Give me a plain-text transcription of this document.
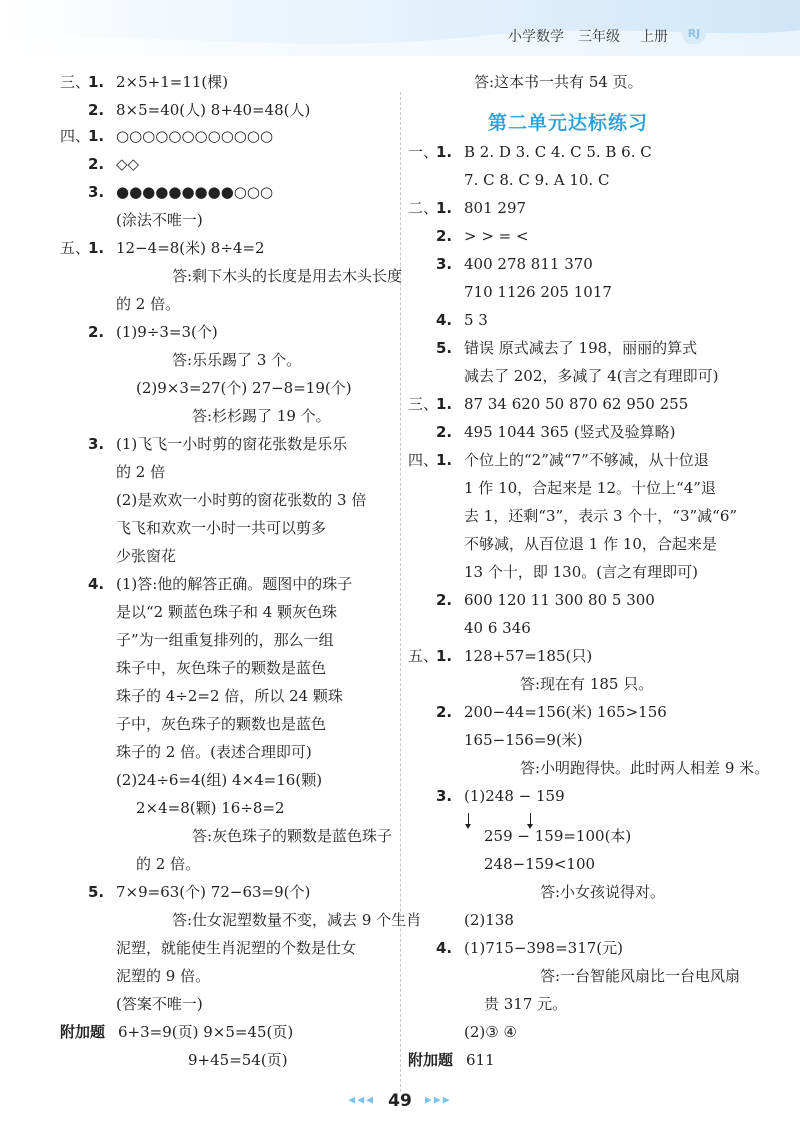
小学数学 三年级 上册	RJ
三、1. 2×5+1=11(棵)
2. 8×5=40(人) 8+40=48(人)
四、1. ○○○○○○○○○○○○
2. ◇◇
3. ●●●●●●●●●○○○
(涂法不唯一)
五、1. 12−4=8(米) 8÷4=2
答:剩下木头的长度是用去木头长度
的 2 倍。
2. (1)9÷3=3(个)
答:乐乐踢了 3 个。
(2)9×3=27(个) 27−8=19(个)
答:杉杉踢了 19 个。
3. (1)飞飞一小时剪的窗花张数是乐乐
的 2 倍
(2)是欢欢一小时剪的窗花张数的 3 倍
飞飞和欢欢一小时一共可以剪多
少张窗花
4. (1)答:他的解答正确。题图中的珠子
是以“2 颗蓝色珠子和 4 颗灰色珠
子”为一组重复排列的，那么一组
珠子中，灰色珠子的颗数是蓝色
珠子的 4÷2=2 倍，所以 24 颗珠
子中，灰色珠子的颗数也是蓝色
珠子的 2 倍。(表述合理即可)
(2)24÷6=4(组) 4×4=16(颗)
2×4=8(颗) 16÷8=2
答:灰色珠子的颗数是蓝色珠子
的 2 倍。
5. 7×9=63(个) 72−63=9(个)
答:仕女泥塑数量不变，减去 9 个生肖
泥塑，就能使生肖泥塑的个数是仕女
泥塑的 9 倍。
(答案不唯一)
附加题 6+3=9(页) 9×5=45(页)
9+45=54(页)
答:这本书一共有 54 页。
第二单元达标练习
一、1. B 2. D 3. C 4. C 5. B 6. C
7. C 8. C 9. A 10. C
二、1. 801 297
2. > > = <
3. 400 278 811 370
710 1126 205 1017
4. 5 3
5. 错误 原式减去了 198，丽丽的算式
减去了 202，多减了 4(言之有理即可)
三、1. 87 34 620 50 870 62 950 255
2. 495 1044 365 (竖式及验算略)
四、1. 个位上的“2”减“7”不够减，从十位退
1 作 10，合起来是 12。十位上“4”退
去 1，还剩“3”，表示 3 个十，“3”减“6”
不够减，从百位退 1 作 10，合起来是
13 个十，即 130。(言之有理即可)
2. 600 120 11 300 80 5 300
40 6 346
五、1. 128+57=185(只)
答:现在有 185 只。
2. 200−44=156(米) 165>156
165−156=9(米)
答:小明跑得快。此时两人相差 9 米。
3. (1)248 − 159
259 − 159=100(本)
248−159<100
答:小女孩说得对。
(2)138
4. (1)715−398=317(元)
答:一台智能风扇比一台电风扇
贵 317 元。
(2)③ ④
附加题 611
◀◀◀ 49 ▶▶▶
